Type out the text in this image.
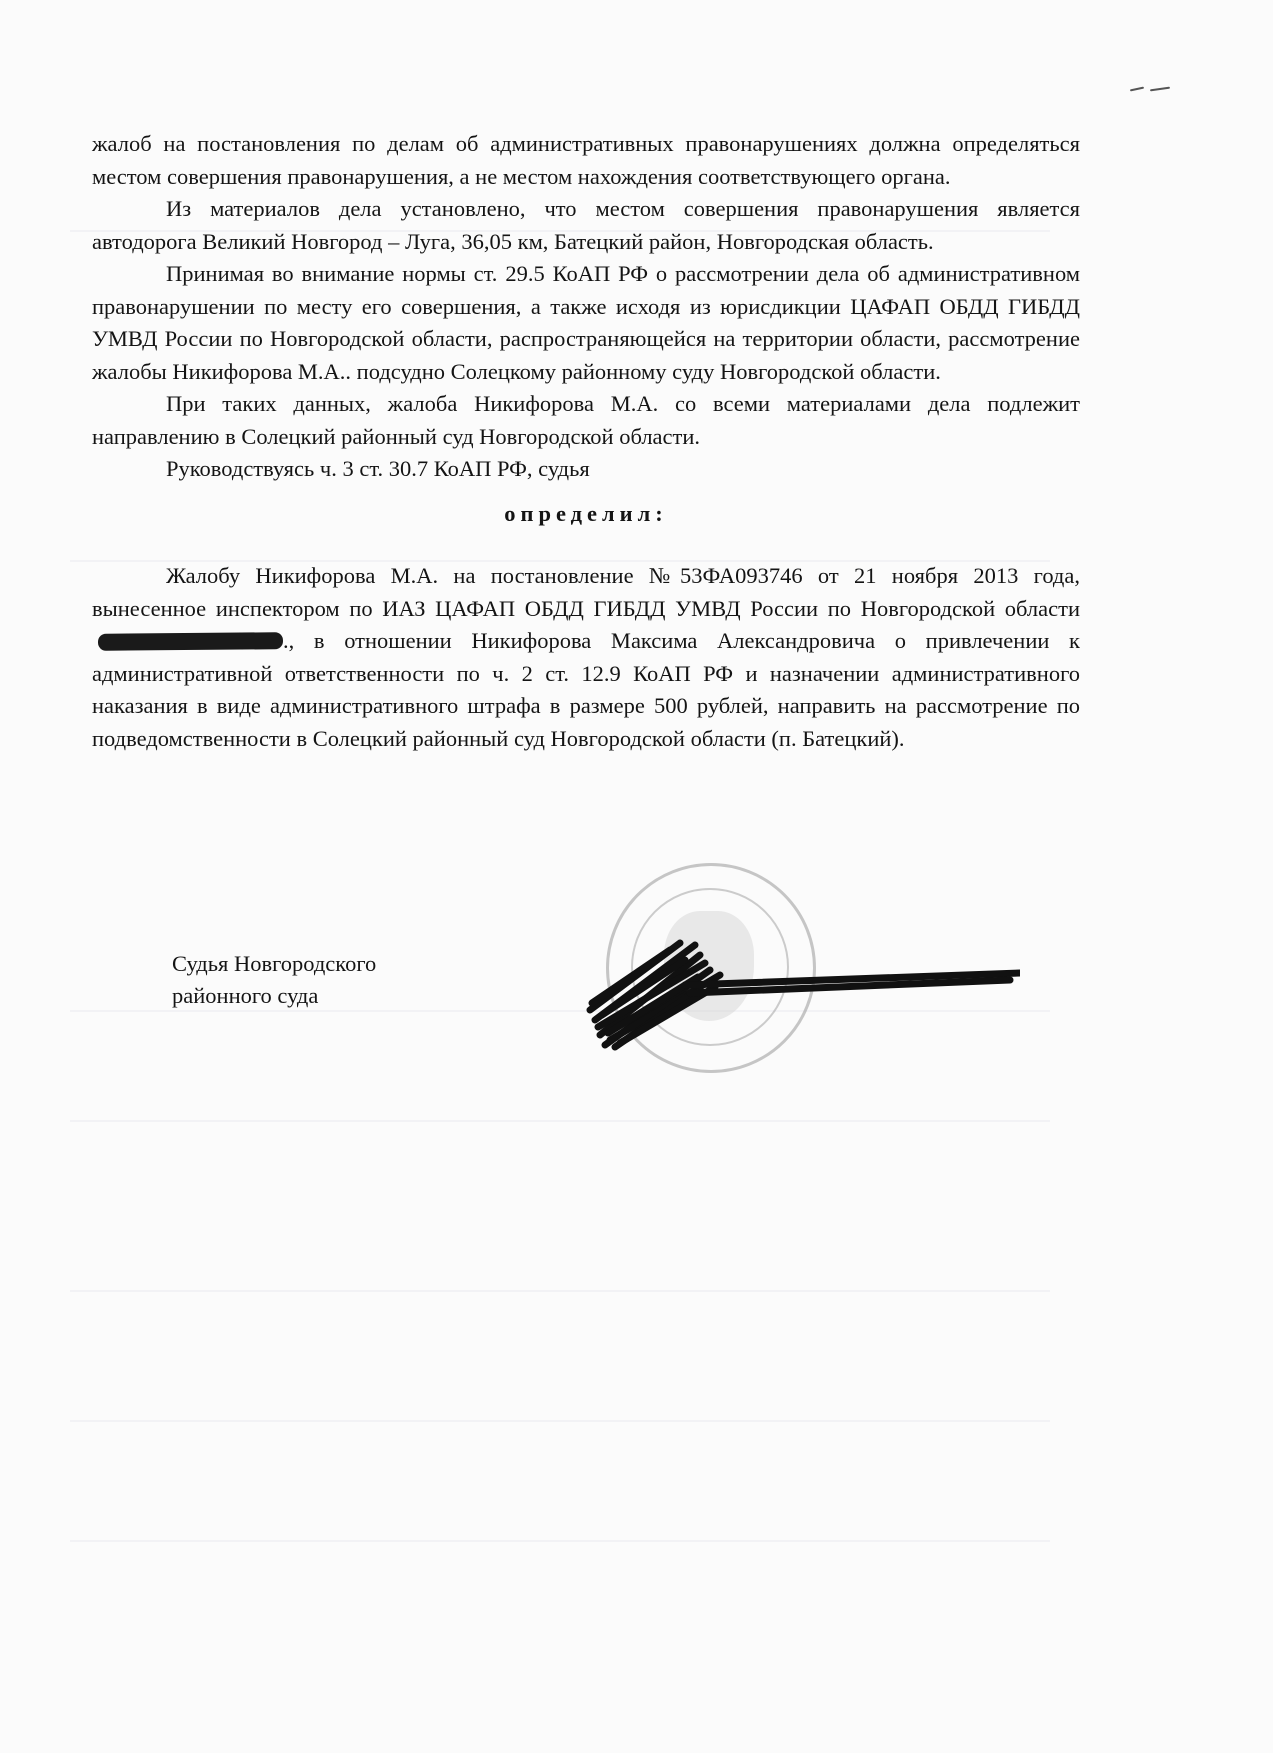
жалоб на постановления по делам об административных правонарушениях должна определяться местом совершения правонарушения, а не местом нахождения соответствующего органа.

Из материалов дела установлено, что местом совершения правонарушения является автодорога Великий Новгород – Луга, 36,05 км, Батецкий район, Новгородская область.

Принимая во внимание нормы ст. 29.5 КоАП РФ о рассмотрении дела об административном правонарушении по месту его совершения, а также исходя из юрисдикции ЦАФАП ОБДД ГИБДД УМВД России по Новгородской области, распространяющейся на территории области, рассмотрение жалобы Никифорова М.А.. подсудно Солецкому районному суду Новгородской области.

При таких данных, жалоба Никифорова М.А. со всеми материалами дела подлежит направлению в Солецкий районный суд Новгородской области.

Руководствуясь ч. 3 ст. 30.7 КоАП РФ, судья

определил:

Жалобу Никифорова М.А. на постановление №53ФА093746 от 21 ноября 2013 года, вынесенное инспектором по ИАЗ ЦАФАП ОБДД ГИБДД УМВД России по Новгородской области., в отношении Никифорова Максима Александровича о привлечении к административной ответственности по ч. 2 ст. 12.9 КоАП РФ и назначении административного наказания в виде административного штрафа в размере 500 рублей, направить на рассмотрение по подведомственности в Солецкий районный суд Новгородской области (п. Батецкий).

Судья Новгородского
районного суда
